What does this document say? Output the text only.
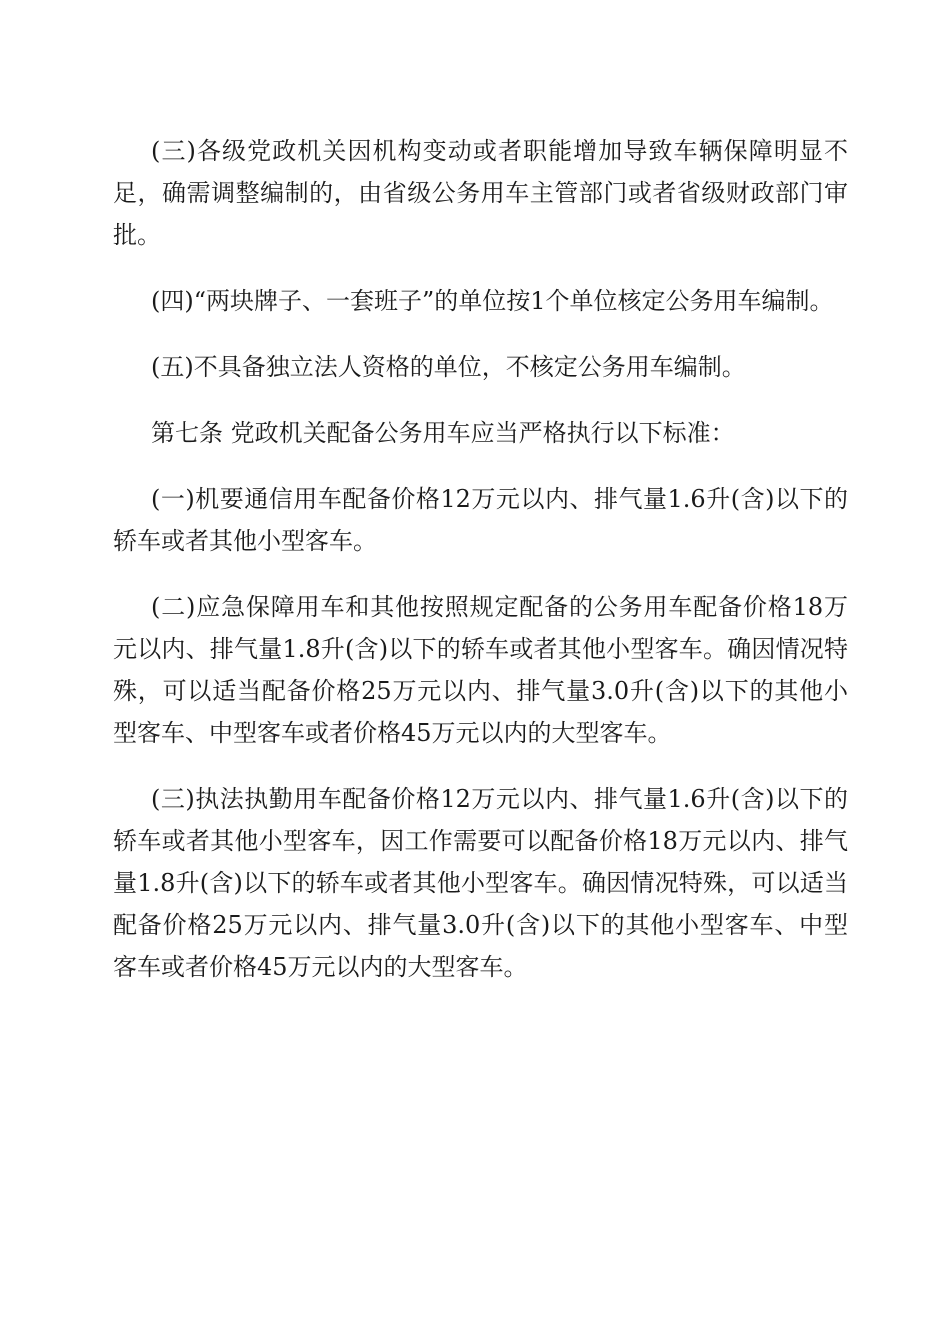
(三)各级党政机关因机构变动或者职能增加导致车辆保障明显不足，确需调整编制的，由省级公务用车主管部门或者省级财政部门审批。

(四)“两块牌子、一套班子”的单位按1个单位核定公务用车编制。

(五)不具备独立法人资格的单位，不核定公务用车编制。

第七条 党政机关配备公务用车应当严格执行以下标准：

(一)机要通信用车配备价格12万元以内、排气量1.6升(含)以下的轿车或者其他小型客车。

(二)应急保障用车和其他按照规定配备的公务用车配备价格18万元以内、排气量1.8升(含)以下的轿车或者其他小型客车。确因情况特殊，可以适当配备价格25万元以内、排气量3.0升(含)以下的其他小型客车、中型客车或者价格45万元以内的大型客车。

(三)执法执勤用车配备价格12万元以内、排气量1.6升(含)以下的轿车或者其他小型客车，因工作需要可以配备价格18万元以内、排气量1.8升(含)以下的轿车或者其他小型客车。确因情况特殊，可以适当配备价格25万元以内、排气量3.0升(含)以下的其他小型客车、中型客车或者价格45万元以内的大型客车。
